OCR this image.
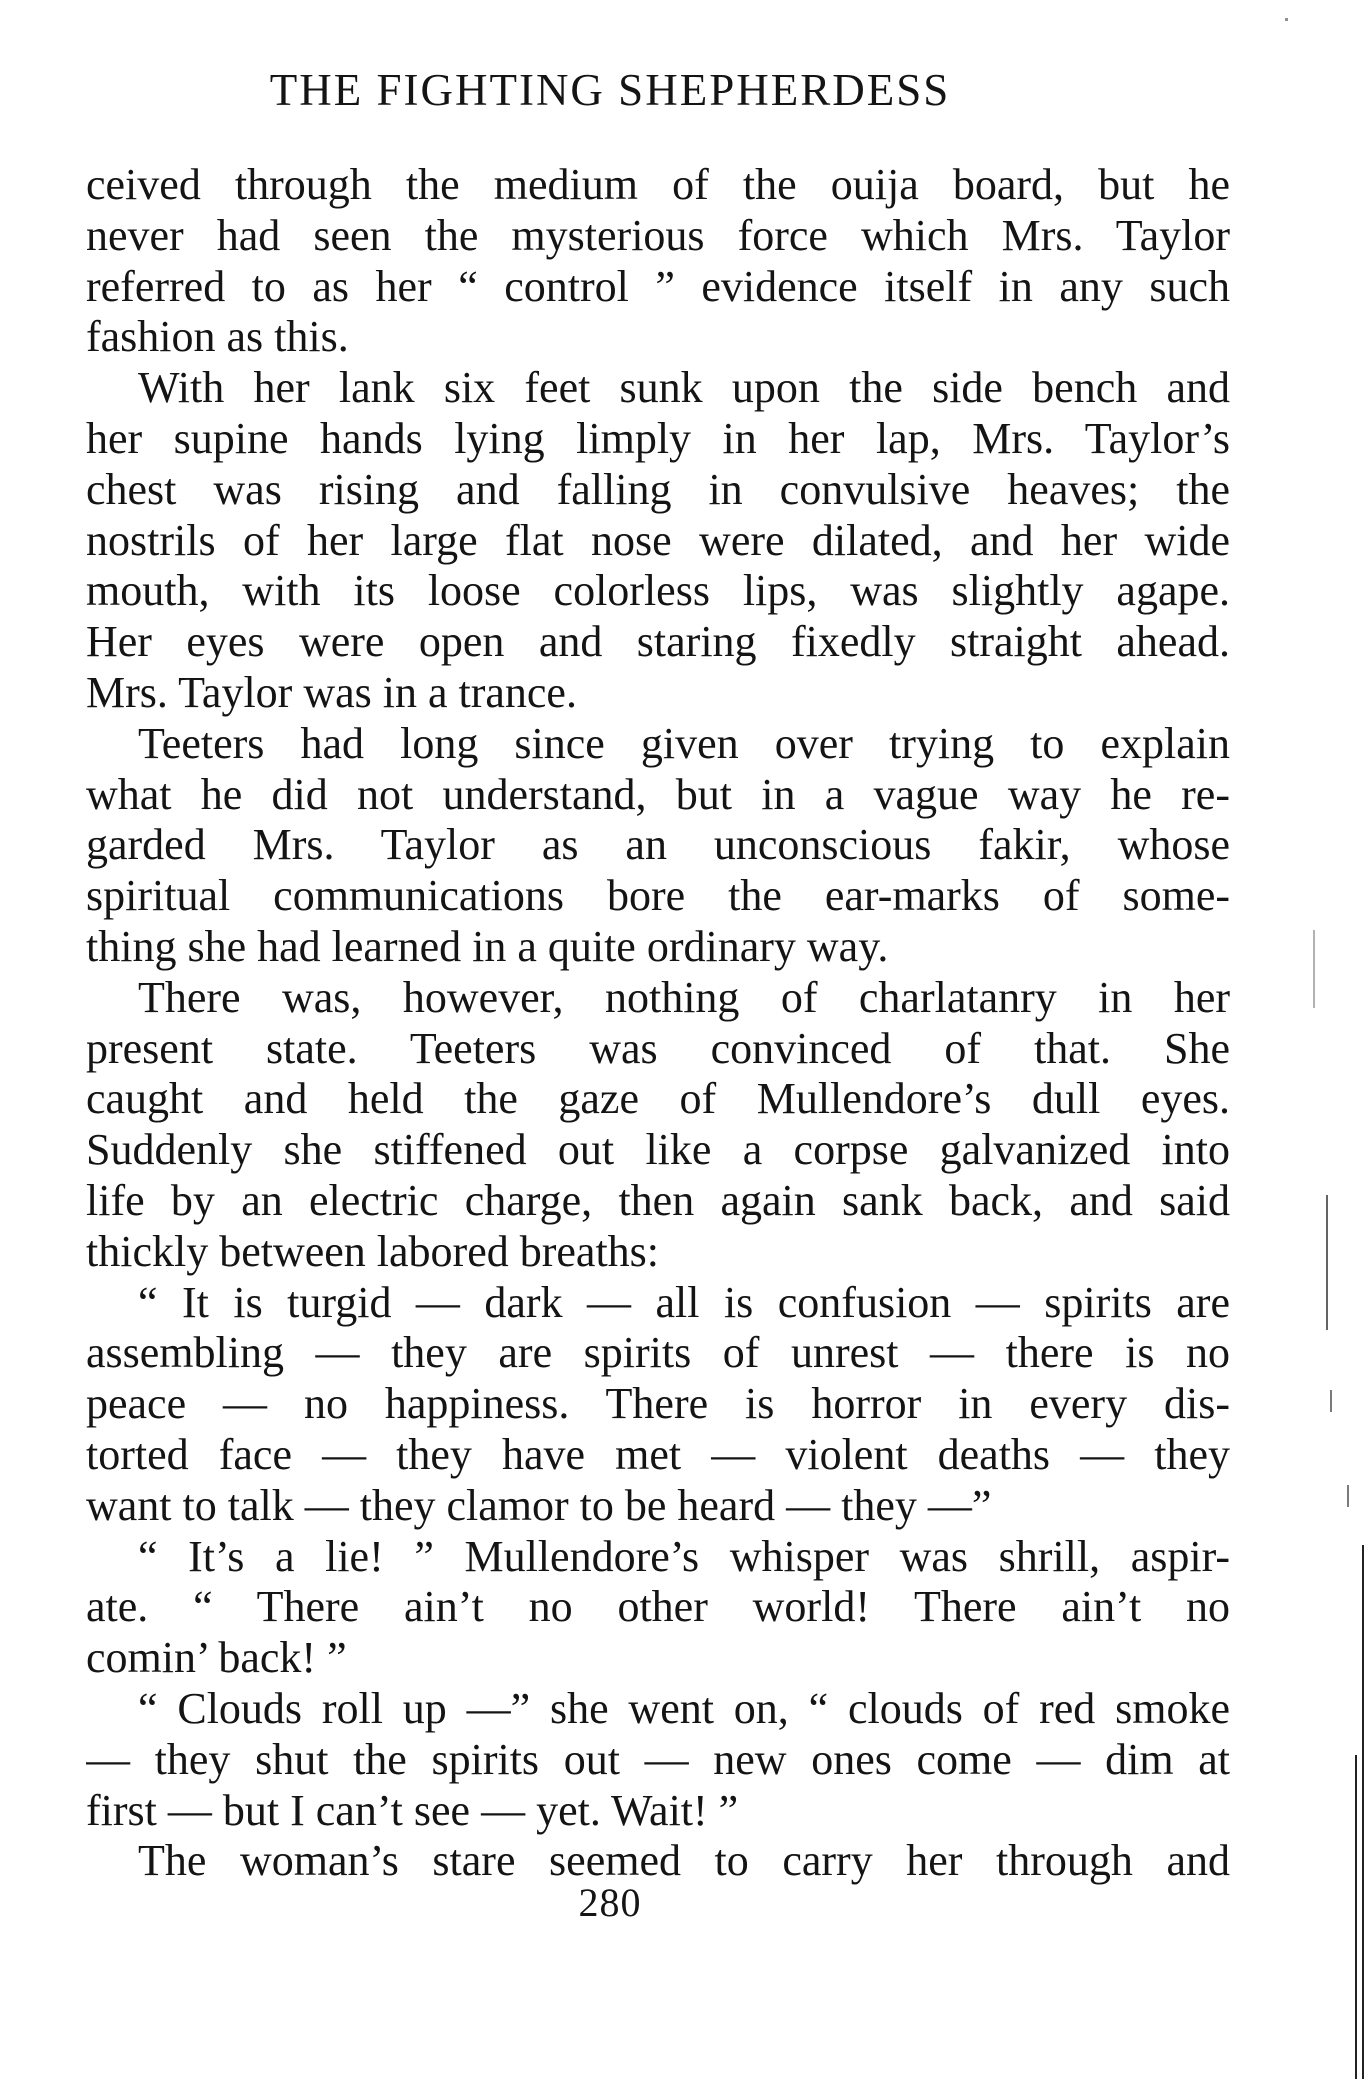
THE FIGHTING SHEPHERDESS
ceived through the medium of the ouija board, but he
never had seen the mysterious force which Mrs. Taylor
referred to as her “ control ” evidence itself in any such
fashion as this.
With her lank six feet sunk upon the side bench and
her supine hands lying limply in her lap, Mrs. Taylor’s
chest was rising and falling in convulsive heaves; the
nostrils of her large flat nose were dilated, and her wide
mouth, with its loose colorless lips, was slightly agape.
Her eyes were open and staring fixedly straight ahead.
Mrs. Taylor was in a trance.
Teeters had long since given over trying to explain
what he did not understand, but in a vague way he re-
garded Mrs. Taylor as an unconscious fakir, whose
spiritual communications bore the ear-marks of some-
thing she had learned in a quite ordinary way.
There was, however, nothing of charlatanry in her
present state. Teeters was convinced of that. She
caught and held the gaze of Mullendore’s dull eyes.
Suddenly she stiffened out like a corpse galvanized into
life by an electric charge, then again sank back, and said
thickly between labored breaths:
“ It is turgid — dark — all is confusion — spirits are
assembling — they are spirits of unrest — there is no
peace — no happiness. There is horror in every dis-
torted face — they have met — violent deaths — they
want to talk — they clamor to be heard — they —”
“ It’s a lie! ” Mullendore’s whisper was shrill, aspir-
ate. “ There ain’t no other world! There ain’t no
comin’ back! ”
“ Clouds roll up —” she went on, “ clouds of red smoke
— they shut the spirits out — new ones come — dim at
first — but I can’t see — yet. Wait! ”
The woman’s stare seemed to carry her through and
280
